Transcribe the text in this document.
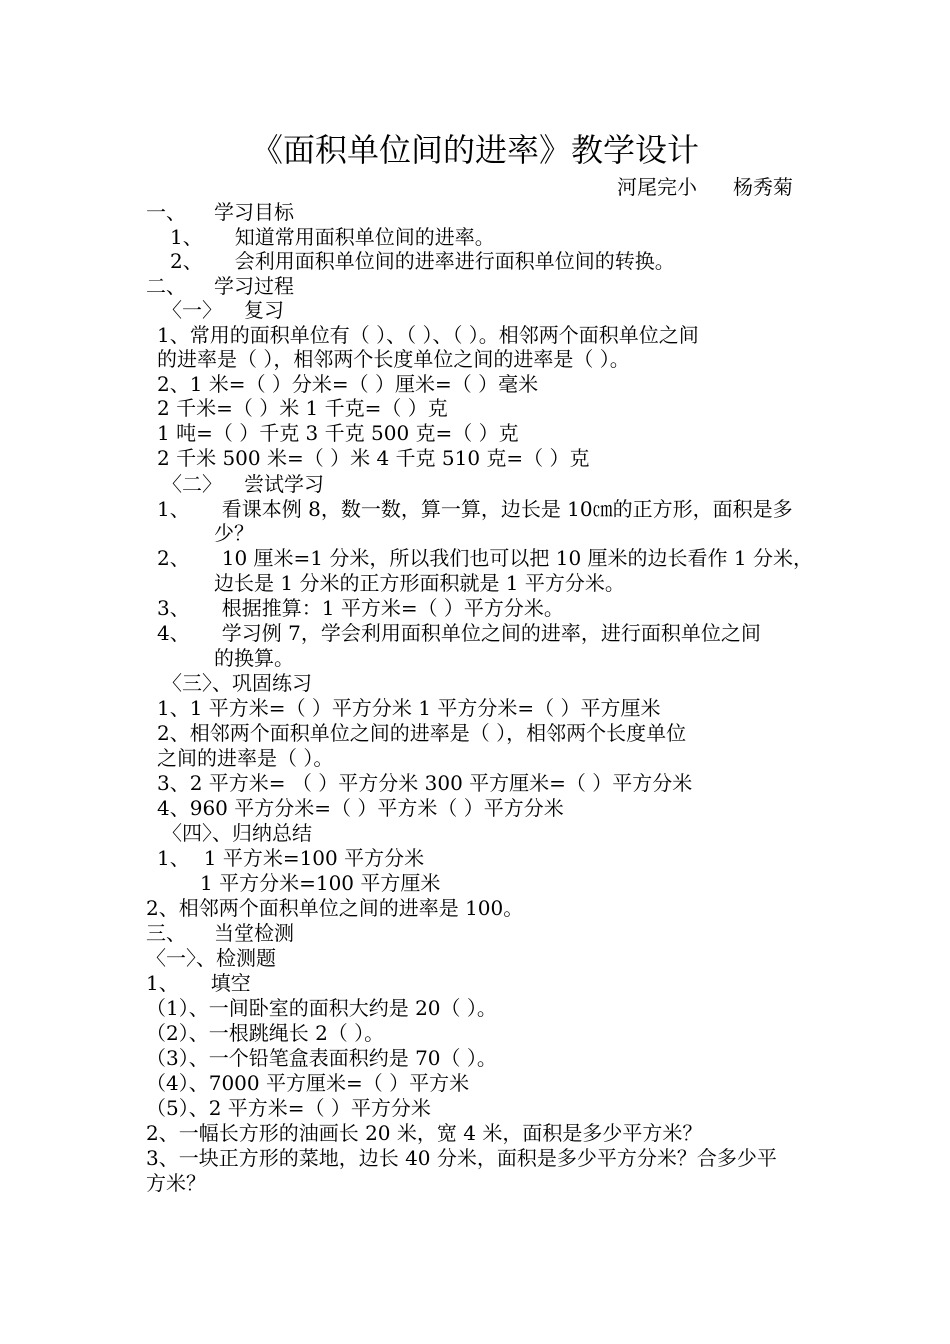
《面积单位间的进率》教学设计
河尾完小 杨秀菊
一、 学习目标
1、 知道常用面积单位间的进率。
2、 会利用面积单位间的进率进行面积单位间的转换。
二、 学习过程
〈一〉 复习
1、常用的面积单位有（ ）、（ ）、（ ）。相邻两个面积单位之间
的进率是（ ），相邻两个长度单位之间的进率是（ ）。
2、1 米=（ ）分米=（ ）厘米=（ ）毫米
2 千米=（ ）米 1 千克=（ ）克
1 吨=（ ）千克 3 千克 500 克=（ ）克
2 千米 500 米=（ ）米 4 千克 510 克=（ ）克
〈二〉 尝试学习
1、 看课本例 8，数一数，算一算，边长是 10㎝的正方形，面积是多
少？
2、 10 厘米=1 分米，所以我们也可以把 10 厘米的边长看作 1 分米，
边长是 1 分米的正方形面积就是 1 平方分米。
3、 根据推算：1 平方米=（ ）平方分米。
4、 学习例 7，学会利用面积单位之间的进率，进行面积单位之间
的换算。
〈三〉、巩固练习
1、1 平方米=（ ）平方分米 1 平方分米=（ ）平方厘米
2、相邻两个面积单位之间的进率是（ ），相邻两个长度单位
之间的进率是（ ）。
3、2 平方米= （ ）平方分米 300 平方厘米=（ ）平方分米
4、960 平方分米=（ ）平方米（ ）平方分米
〈四〉、归纳总结
1、 1 平方米=100 平方分米
1 平方分米=100 平方厘米
2、相邻两个面积单位之间的进率是 100。
三、 当堂检测
〈一〉、检测题
1、 填空
（1）、一间卧室的面积大约是 20（ ）。
（2）、一根跳绳长 2（ ）。
（3）、一个铅笔盒表面积约是 70（ ）。
（4）、7000 平方厘米=（ ）平方米
（5）、2 平方米=（ ）平方分米
2、一幅长方形的油画长 20 米，宽 4 米，面积是多少平方米？
3、一块正方形的菜地，边长 40 分米，面积是多少平方分米？合多少平
方米？
